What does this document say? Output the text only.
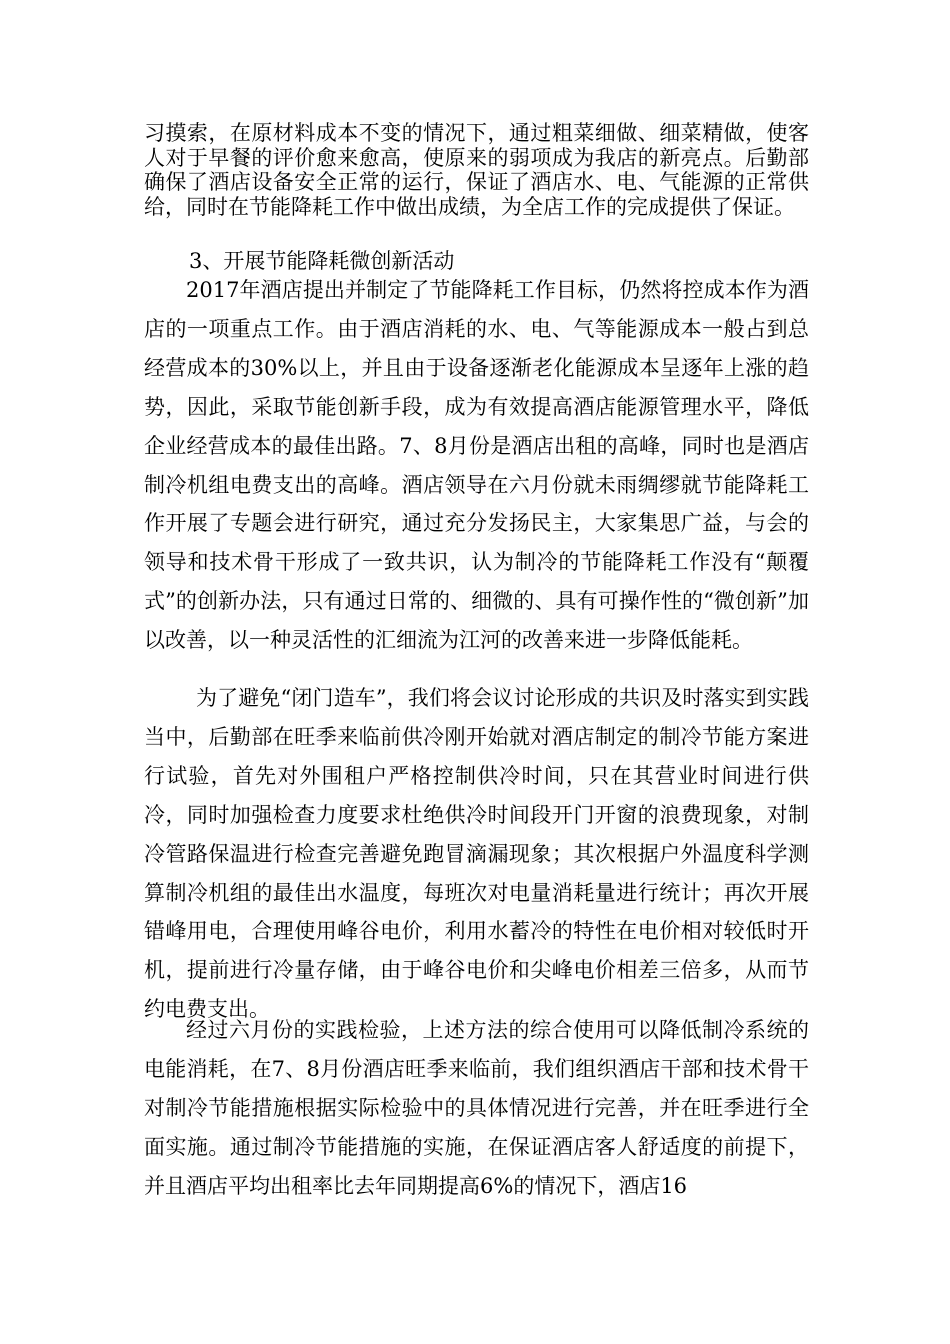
习摸索，在原材料成本不变的情况下，通过粗菜细做、细菜精做，使客人对于早餐的评价愈来愈高，使原来的弱项成为我店的新亮点。后勤部确保了酒店设备安全正常的运行，保证了酒店水、电、气能源的正常供给，同时在节能降耗工作中做出成绩，为全店工作的完成提供了保证。

3、开展节能降耗微创新活动

2017年酒店提出并制定了节能降耗工作目标，仍然将控成本作为酒店的一项重点工作。由于酒店消耗的水、电、气等能源成本一般占到总经营成本的30%以上，并且由于设备逐渐老化能源成本呈逐年上涨的趋势，因此，采取节能创新手段，成为有效提高酒店能源管理水平，降低企业经营成本的最佳出路。7、8月份是酒店出租的高峰，同时也是酒店制冷机组电费支出的高峰。酒店领导在六月份就未雨绸缪就节能降耗工作开展了专题会进行研究，通过充分发扬民主，大家集思广益，与会的领导和技术骨干形成了一致共识，认为制冷的节能降耗工作没有“颠覆式”的创新办法，只有通过日常的、细微的、具有可操作性的“微创新”加以改善，以一种灵活性的汇细流为江河的改善来进一步降低能耗。

为了避免“闭门造车”，我们将会议讨论形成的共识及时落实到实践当中，后勤部在旺季来临前供冷刚开始就对酒店制定的制冷节能方案进行试验，首先对外围租户严格控制供冷时间，只在其营业时间进行供冷，同时加强检查力度要求杜绝供冷时间段开门开窗的浪费现象，对制冷管路保温进行检查完善避免跑冒滴漏现象；其次根据户外温度科学测算制冷机组的最佳出水温度，每班次对电量消耗量进行统计；再次开展错峰用电，合理使用峰谷电价，利用水蓄冷的特性在电价相对较低时开机，提前进行冷量存储，由于峰谷电价和尖峰电价相差三倍多，从而节约电费支出。

经过六月份的实践检验，上述方法的综合使用可以降低制冷系统的电能消耗，在7、8月份酒店旺季来临前，我们组织酒店干部和技术骨干对制冷节能措施根据实际检验中的具体情况进行完善，并在旺季进行全面实施。通过制冷节能措施的实施，在保证酒店客人舒适度的前提下，并且酒店平均出租率比去年同期提高6%的情况下，酒店16
